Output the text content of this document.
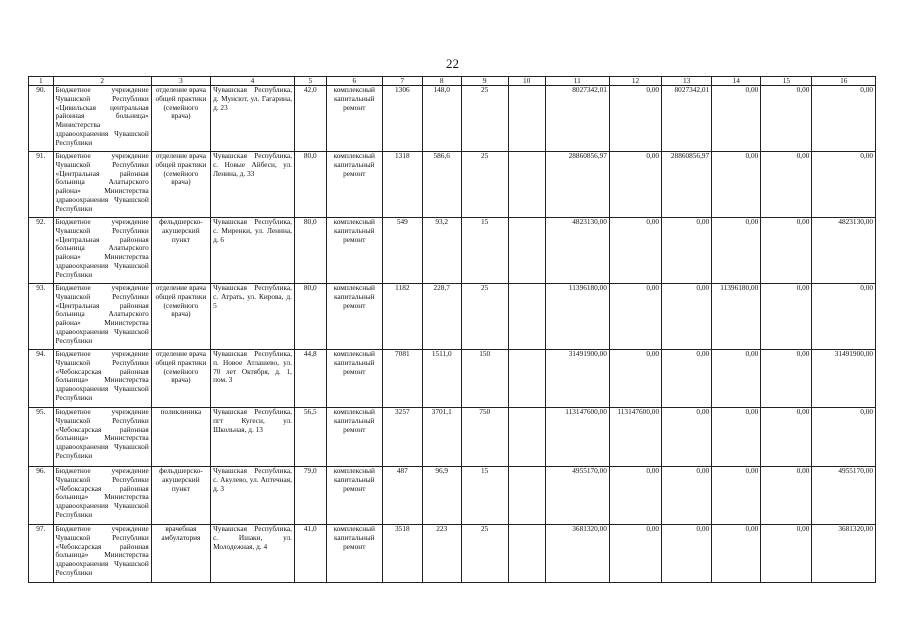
22
1	2	3	4	5	6	7	8	9	10	11	12	13	14	15	16
90.	Бюджетное учреждение Чувашской Республики «Цивильская центральная районная больница» Министерства здравоохранения Чувашской Республики	отделение врача общей практики (семейного врача)	Чувашская Республика, д. Мунсют, ул. Гагарина, д. 23	42,0	комплексный капитальный ремонт	1306	148,0	25		8027342,01	0,00	8027342,01	0,00	0,00	0,00
91.	Бюджетное учреждение Чувашской Республики «Центральная районная больница Алатырского района» Министерства здравоохранения Чувашской Республики	отделение врача общей практики (семейного врача)	Чувашская Республика, с. Новые Айбеси, ул. Ленина, д. 33	80,0	комплексный капитальный ремонт	1318	586,6	25		28860856,97	0,00	28860856,97	0,00	0,00	0,00
92.	Бюджетное учреждение Чувашской Республики «Центральная районная больница Алатырского района» Министерства здравоохранения Чувашской Республики	фельдшерско-акушерский пункт	Чувашская Республика, с. Миренки, ул. Ленина, д. 6	80,0	комплексный капитальный ремонт	549	93,2	15		4823130,00	0,00	0,00	0,00	0,00	4823130,00
93.	Бюджетное учреждение Чувашской Республики «Центральная районная больница Алатырского района» Министерства здравоохранения Чувашской Республики	отделение врача общей практики (семейного врача)	Чувашская Республика, с. Атрать, ул. Кирова, д. 5	80,0	комплексный капитальный ремонт	1182	228,7	25		11396180,00	0,00	0,00	11396180,00	0,00	0,00
94.	Бюджетное учреждение Чувашской Республики «Чебоксарская районная больница» Министерства здравоохранения Чувашской Республики	отделение врача общей практики (семейного врача)	Чувашская Республика, п. Новое Атлашево, ул. 70 лет Октября, д. 1, пом. 3	44,8	комплексный капитальный ремонт	7081	1511,0	150		31491900,00	0,00	0,00	0,00	0,00	31491900,00
95.	Бюджетное учреждение Чувашской Республики «Чебоксарская районная больница» Министерства здравоохранения Чувашской Республики	поликлиника	Чувашская Республика, пгт Кугеси, ул. Школьная, д. 13	56,5	комплексный капитальный ремонт	3257	3701,1	750		113147600,00	113147600,00	0,00	0,00	0,00	0,00
96.	Бюджетное учреждение Чувашской Республики «Чебоксарская районная больница» Министерства здравоохранения Чувашской Республики	фельдшерско-акушерский пункт	Чувашская Республика, с. Акулево, ул. Аптечная, д. 3	79,0	комплексный капитальный ремонт	487	96,9	15		4955170,00	0,00	0,00	0,00	0,00	4955170,00
97.	Бюджетное учреждение Чувашской Республики «Чебоксарская районная больница» Министерства здравоохранения Чувашской Республики	врачебная амбулатория	Чувашская Республика, с. Ишаки, ул. Молодежная, д. 4	41,0	комплексный капитальный ремонт	3518	223	25		3681320,00	0,00	0,00	0,00	0,00	3681320,00
